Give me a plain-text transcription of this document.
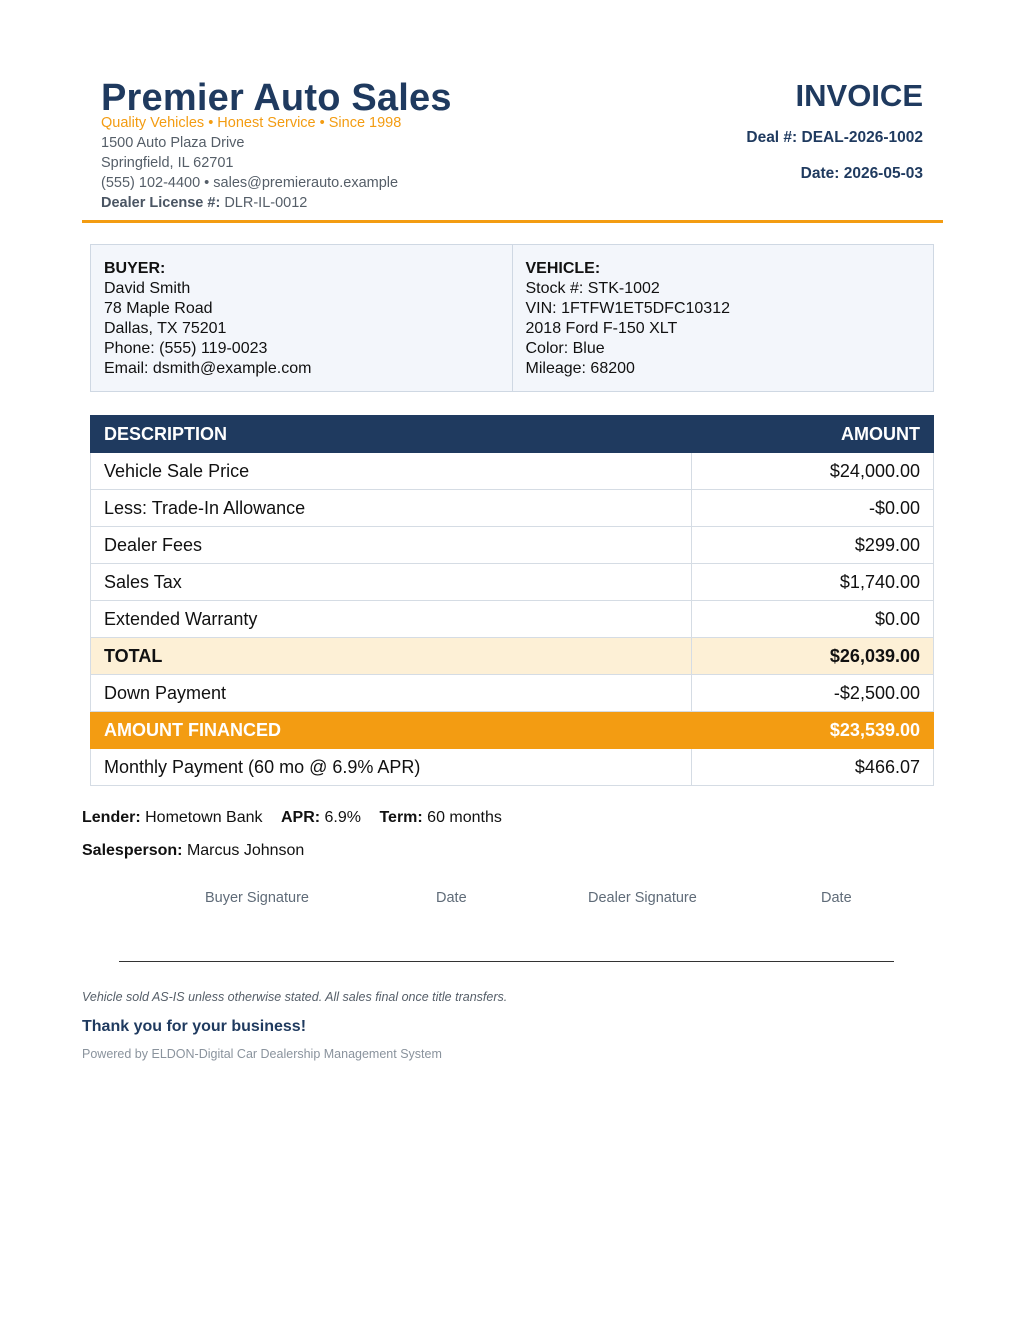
Premier Auto Sales
Quality Vehicles • Honest Service • Since 1998
1500 Auto Plaza Drive
Springfield, IL 62701
(555) 102-4400 • sales@premierauto.example
Dealer License #: DLR-IL-0012
INVOICE
Deal #: DEAL-2026-1002
Date: 2026-05-03
BUYER:
David Smith
78 Maple Road
Dallas, TX 75201
Phone: (555) 119-0023
Email: dsmith@example.com
VEHICLE:
Stock #: STK-1002
VIN: 1FTFW1ET5DFC10312
2018 Ford F-150 XLT
Color: Blue
Mileage: 68200
DESCRIPTION	AMOUNT
Vehicle Sale Price	$24,000.00
Less: Trade-In Allowance	-$0.00
Dealer Fees	$299.00
Sales Tax	$1,740.00
Extended Warranty	$0.00
TOTAL	$26,039.00
Down Payment	-$2,500.00
AMOUNT FINANCED	$23,539.00
Monthly Payment (60 mo @ 6.9% APR)	$466.07
Lender: Hometown Bank APR: 6.9% Term: 60 months
Salesperson: Marcus Johnson
Buyer Signature	Date	Dealer Signature	Date
Vehicle sold AS-IS unless otherwise stated. All sales final once title transfers.
Thank you for your business!
Powered by ELDON-Digital Car Dealership Management System
